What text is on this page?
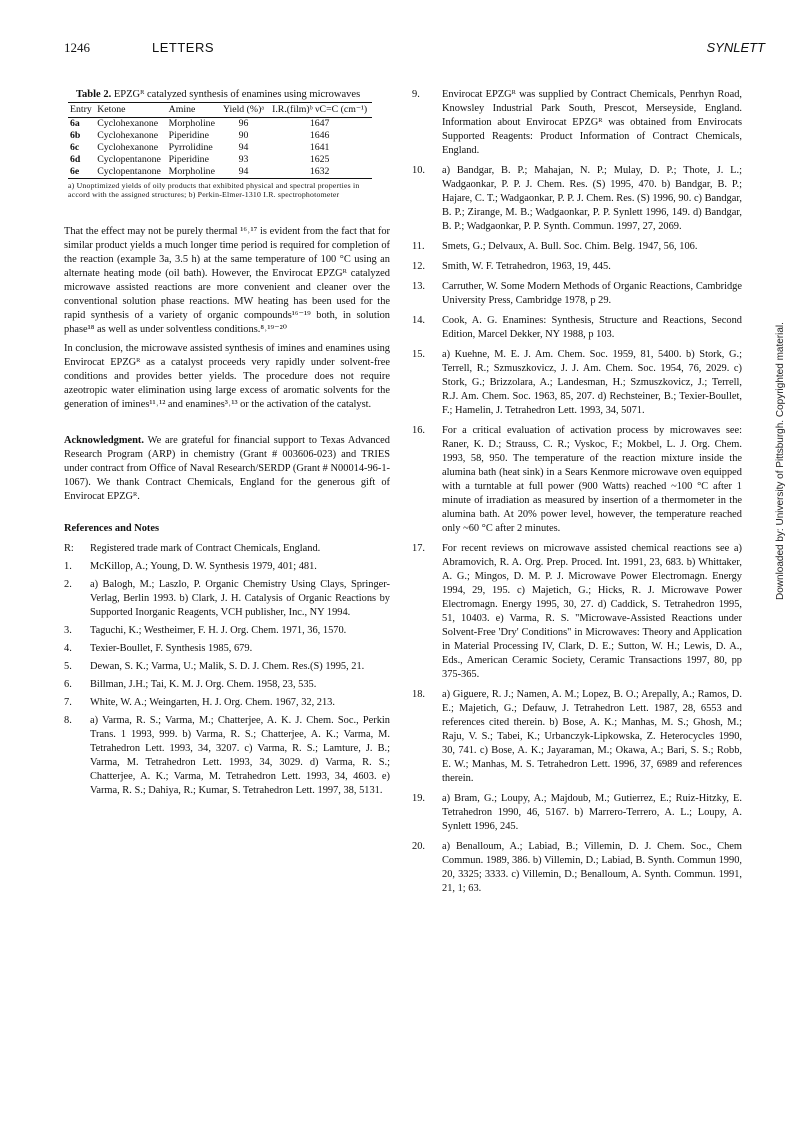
1246	LETTERS	SYNLETT
Downloaded by: University of Pittsburgh. Copyrighted material.
Table 2. EPZGᴿ catalyzed synthesis of enamines using microwaves
Entry	Ketone	Amine	Yield (%)ᵃ	I.R.(film)ᵇ νC=C (cm⁻¹)
6a	Cyclohexanone	Morpholine	96	1647
6b	Cyclohexanone	Piperidine	90	1646
6c	Cyclohexanone	Pyrrolidine	94	1641
6d	Cyclopentanone	Piperidine	93	1625
6e	Cyclopentanone	Morpholine	94	1632
a) Unoptimized yields of oily products that exhibited physical and spectral properties in accord with the assigned structures; b) Perkin-Elmer-1310 I.R. spectrophotometer

That the effect may not be purely thermal ¹⁶˒¹⁷ is evident from the fact that for similar product yields a much longer time period is required for completion of the reaction (example 3a, 3.5 h) at the same temperature of 100 °C using an alternate heating mode (oil bath). However, the Envirocat EPZGᴿ catalyzed microwave assisted reactions are more convenient and cleaner over the conventional solution phase reactions. MW heating has been used for the rapid synthesis of a variety of organic compounds¹⁶⁻¹⁹ both, in solution phase¹⁸ as well as under solventless conditions.⁸˒¹⁹⁻²⁰

In conclusion, the microwave assisted synthesis of imines and enamines using Envirocat EPZGᴿ as a catalyst proceeds very rapidly under solvent-free conditions and provides better yields. The procedure does not require azeotropic water elimination using large excess of aromatic solvents for the generation of imines¹¹˒¹² and enamines³˒¹³ or the activation of the catalyst.

Acknowledgment. We are grateful for financial support to Texas Advanced Research Program (ARP) in chemistry (Grant # 003606-023) and TRIES under contract from Office of Naval Research/SERDP (Grant # N00014-96-1-1067). We thank Contract Chemicals, England for the generous gift of Envirocat EPZGᴿ.

References and Notes
R:	Registered trade mark of Contract Chemicals, England.
1.	McKillop, A.; Young, D. W. Synthesis 1979, 401; 481.
2.	a) Balogh, M.; Laszlo, P. Organic Chemistry Using Clays, Springer-Verlag, Berlin 1993. b) Clark, J. H. Catalysis of Organic Reactions by Supported Inorganic Reagents, VCH publisher, Inc., NY 1994.
3.	Taguchi, K.; Westheimer, F. H. J. Org. Chem. 1971, 36, 1570.
4.	Texier-Boullet, F. Synthesis 1985, 679.
5.	Dewan, S. K.; Varma, U.; Malik, S. D. J. Chem. Res.(S) 1995, 21.
6.	Billman, J.H.; Tai, K. M. J. Org. Chem. 1958, 23, 535.
7.	White, W. A.; Weingarten, H. J. Org. Chem. 1967, 32, 213.
8.	a) Varma, R. S.; Varma, M.; Chatterjee, A. K. J. Chem. Soc., Perkin Trans. 1 1993, 999. b) Varma, R. S.; Chatterjee, A. K.; Varma, M. Tetrahedron Lett. 1993, 34, 3207. c) Varma, R. S.; Lamture, J. B.; Varma, M. Tetrahedron Lett. 1993, 34, 3029. d) Varma, R. S.; Chatterjee, A. K.; Varma, M. Tetrahedron Lett. 1993, 34, 4603. e) Varma, R. S.; Dahiya, R.; Kumar, S. Tetrahedron Lett. 1997, 38, 5131.
9.	Envirocat EPZGᴿ was supplied by Contract Chemicals, Penrhyn Road, Knowsley Industrial Park South, Prescot, Merseyside, England. Information about Envirocat EPZGᴿ was obtained from Envirocats Supported Reagents: Product Information of Contract Chemicals, England.
10.	a) Bandgar, B. P.; Mahajan, N. P.; Mulay, D. P.; Thote, J. L.; Wadgaonkar, P. P. J. Chem. Res. (S) 1995, 470. b) Bandgar, B. P.; Hajare, C. T.; Wadgaonkar, P. P. J. Chem. Res. (S) 1996, 90. c) Bandgar, B. P.; Zirange, M. B.; Wadgaonkar, P. P. Synlett 1996, 149. d) Bandgar, B. P.; Wadgaonkar, P. P. Synth. Commun. 1997, 27, 2069.
11.	Smets, G.; Delvaux, A. Bull. Soc. Chim. Belg. 1947, 56, 106.
12.	Smith, W. F. Tetrahedron, 1963, 19, 445.
13.	Carruther, W. Some Modern Methods of Organic Reactions, Cambridge University Press, Cambridge 1978, p 29.
14.	Cook, A. G. Enamines: Synthesis, Structure and Reactions, Second Edition, Marcel Dekker, NY 1988, p 103.
15.	a) Kuehne, M. E. J. Am. Chem. Soc. 1959, 81, 5400. b) Stork, G.; Terrell, R.; Szmuszkovicz, J. J. Am. Chem. Soc. 1954, 76, 2029. c) Stork, G.; Brizzolara, A.; Landesman, H.; Szmuszkovicz, J.; Terrell, R.J. Am. Chem. Soc. 1963, 85, 207. d) Rechsteiner, B.; Texier-Boullet, F.; Hamelin, J. Tetrahedron Lett. 1993, 34, 5071.
16.	For a critical evaluation of activation process by microwaves see: Raner, K. D.; Strauss, C. R.; Vyskoc, F.; Mokbel, L. J. Org. Chem. 1993, 58, 950. The temperature of the reaction mixture inside the alumina bath (heat sink) in a Sears Kenmore microwave oven equipped with a turntable at full power (900 Watts) reached ~100 °C after 1 minute of irradiation as measured by insertion of a thermometer in the alumina bath. At 20% power level, however, the temperature reached only ~60 °C after 2 minutes.
17.	For recent reviews on microwave assisted chemical reactions see a) Abramovich, R. A. Org. Prep. Proced. Int. 1991, 23, 683. b) Whittaker, A. G.; Mingos, D. M. P. J. Microwave Power Electromagn. Energy 1994, 29, 195. c) Majetich, G.; Hicks, R. J. Microwave Power Electromagn. Energy 1995, 30, 27. d) Caddick, S. Tetrahedron 1995, 51, 10403. e) Varma, R. S. "Microwave-Assisted Reactions under Solvent-Free 'Dry' Conditions" in Microwaves: Theory and Application in Material Processing IV, Clark, D. E.; Sutton, W. H.; Lewis, D. A., Eds., American Ceramic Society, Ceramic Transactions 1997, 80, pp 375-365.
18.	a) Giguere, R. J.; Namen, A. M.; Lopez, B. O.; Arepally, A.; Ramos, D. E.; Majetich, G.; Defauw, J. Tetrahedron Lett. 1987, 28, 6553 and references cited therein. b) Bose, A. K.; Manhas, M. S.; Ghosh, M.; Raju, V. S.; Tabei, K.; Urbanczyk-Lipkowska, Z. Heterocycles 1990, 30, 741. c) Bose, A. K.; Jayaraman, M.; Okawa, A.; Bari, S. S.; Robb, E. W.; Manhas, M. S. Tetrahedron Lett. 1996, 37, 6989 and references therein.
19.	a) Bram, G.; Loupy, A.; Majdoub, M.; Gutierrez, E.; Ruiz-Hitzky, E. Tetrahedron 1990, 46, 5167. b) Marrero-Terrero, A. L.; Loupy, A. Synlett 1996, 245.
20.	a) Benalloum, A.; Labiad, B.; Villemin, D. J. Chem. Soc., Chem Commun. 1989, 386. b) Villemin, D.; Labiad, B. Synth. Commun 1990, 20, 3325; 3333. c) Villemin, D.; Benalloum, A. Synth. Commun. 1991, 21, 1; 63.
